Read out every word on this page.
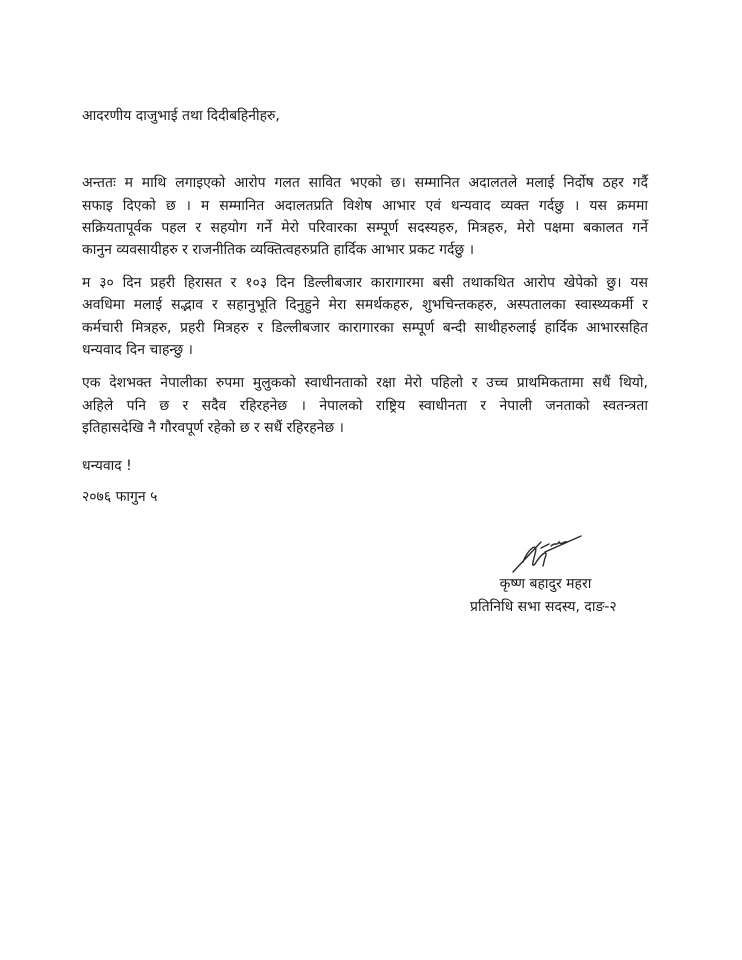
आदरणीय दाजुभाई तथा दिदीबहिनीहरु,
अन्ततः म माथि लगाइएको आरोप गलत सावित भएको छ। सम्मानित अदालतले मलाई निर्दोष ठहर गर्दै
सफाइ दिएको छ । म सम्मानित अदालतप्रति विशेष आभार एवं धन्यवाद व्यक्त गर्दछु । यस क्रममा
सक्रियतापूर्वक पहल र सहयोग गर्ने मेरो परिवारका सम्पूर्ण सदस्यहरु, मित्रहरु, मेरो पक्षमा बकालत गर्ने
कानुन व्यवसायीहरु र राजनीतिक व्यक्तित्वहरुप्रति हार्दिक आभार प्रकट गर्दछु ।
म ३० दिन प्रहरी हिरासत र १०३ दिन डिल्लीबजार कारागारमा बसी तथाकथित आरोप खेपेको छु। यस
अवधिमा मलाई सद्भाव र सहानुभूति दिनुहुने मेरा समर्थकहरु, शुभचिन्तकहरु, अस्पतालका स्वास्थ्यकर्मी र
कर्मचारी मित्रहरु, प्रहरी मित्रहरु र डिल्लीबजार कारागारका सम्पूर्ण बन्दी साथीहरुलाई हार्दिक आभारसहित
धन्यवाद दिन चाहन्छु ।
एक देशभक्त नेपालीका रुपमा मुलुकको स्वाधीनताको रक्षा मेरो पहिलो र उच्च प्राथमिकतामा सधैं थियो,
अहिले पनि छ र सदैव रहिरहनेछ । नेपालको राष्ट्रिय स्वाधीनता र नेपाली जनताको स्वतन्त्रता
इतिहासदेखि नै गौरवपूर्ण रहेको छ र सधैं रहिरहनेछ ।
धन्यवाद !
२०७६ फागुन ५
कृष्ण बहादुर महरा
प्रतिनिधि सभा सदस्य, दाङ-२
